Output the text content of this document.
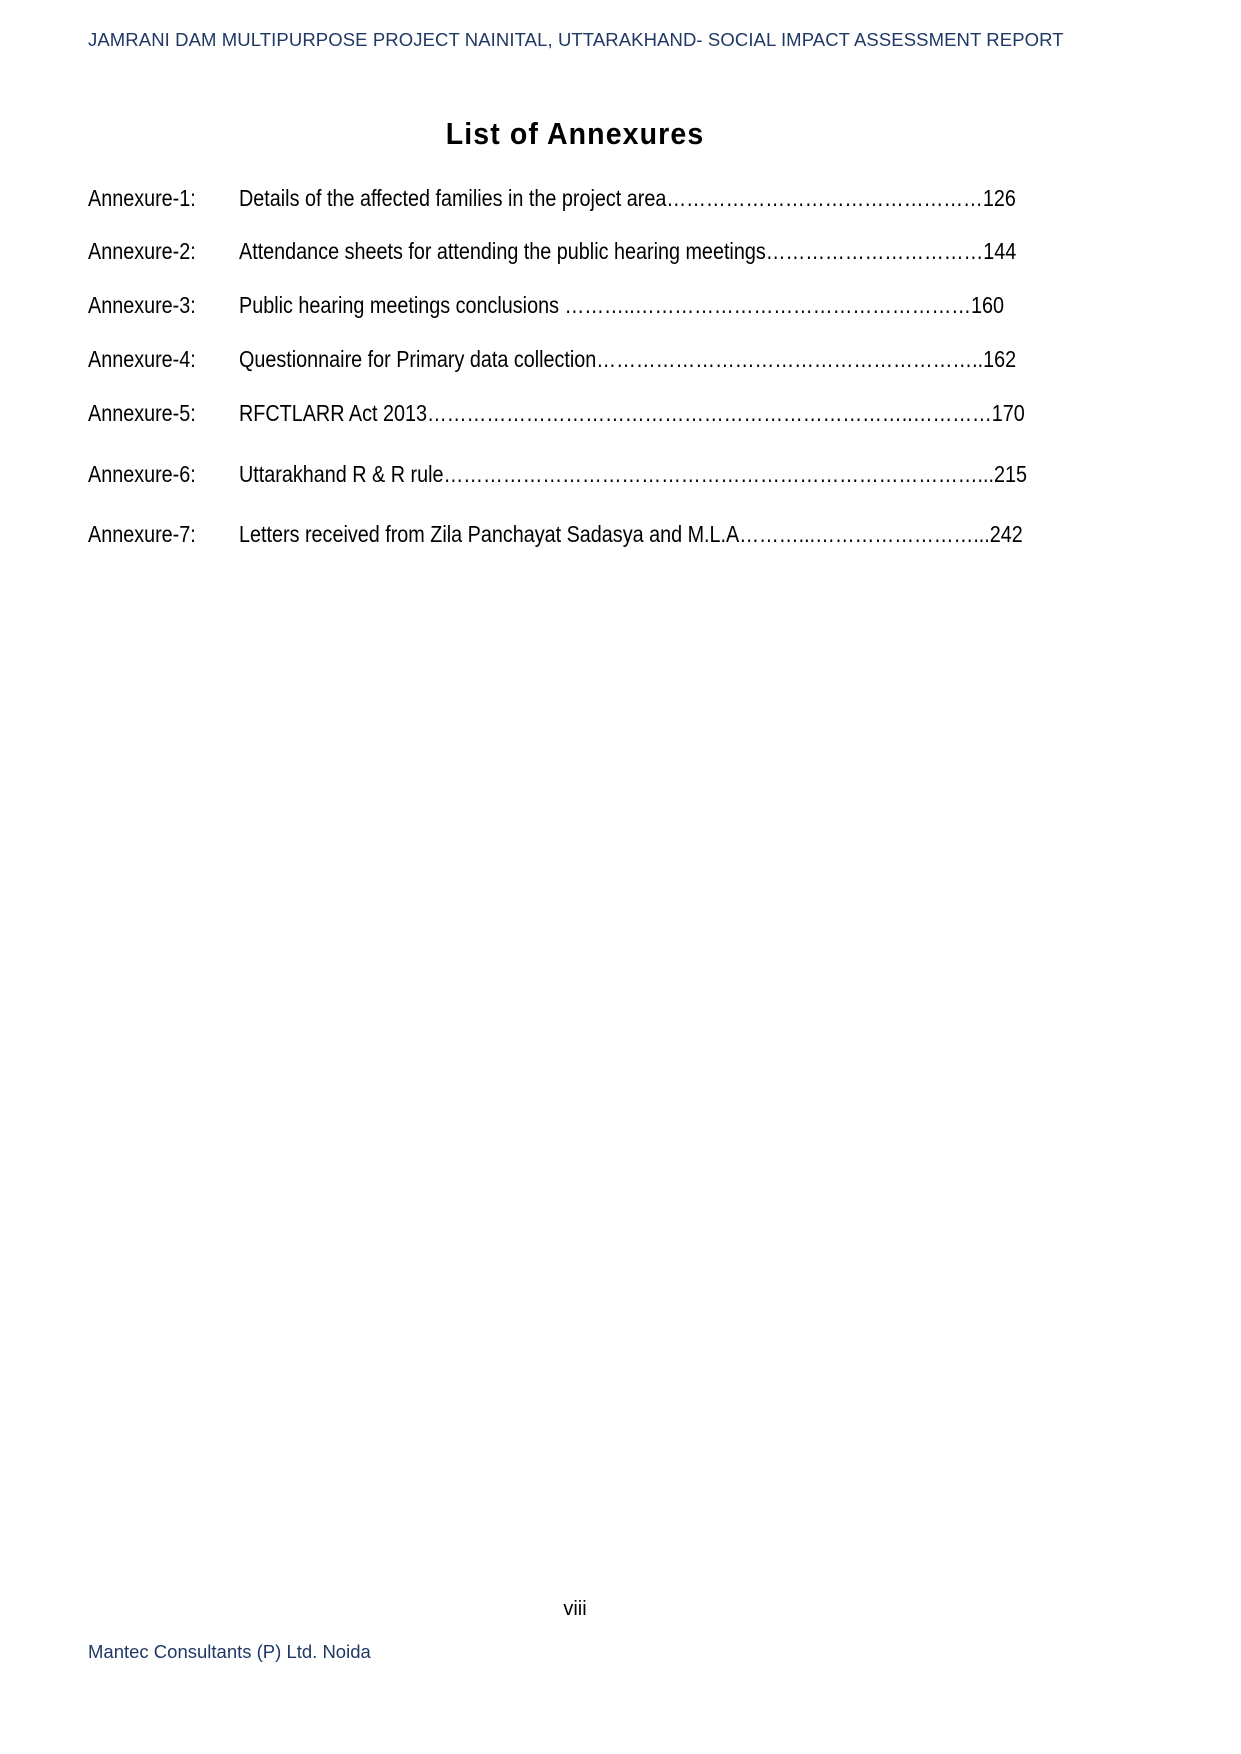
JAMRANI DAM MULTIPURPOSE PROJECT NAINITAL, UTTARAKHAND- SOCIAL IMPACT ASSESSMENT REPORT
List of Annexures
Annexure-1: Details of the affected families in the project area…………………………………………126
Annexure-2: Attendance sheets for attending the public hearing meetings……………………………144
Annexure-3: Public hearing meetings conclusions ………..……………………………………………160
Annexure-4: Questionnaire for Primary data collection…………………………………………………..162
Annexure-5: RFCTLARR Act 2013………………………………………………………………..…………170
Annexure-6: Uttarakhand R & R rule………………………………………………………………………...215
Annexure-7: Letters received from Zila Panchayat Sadasya and M.L.A………...……………………...242
viii
Mantec Consultants (P) Ltd. Noida
